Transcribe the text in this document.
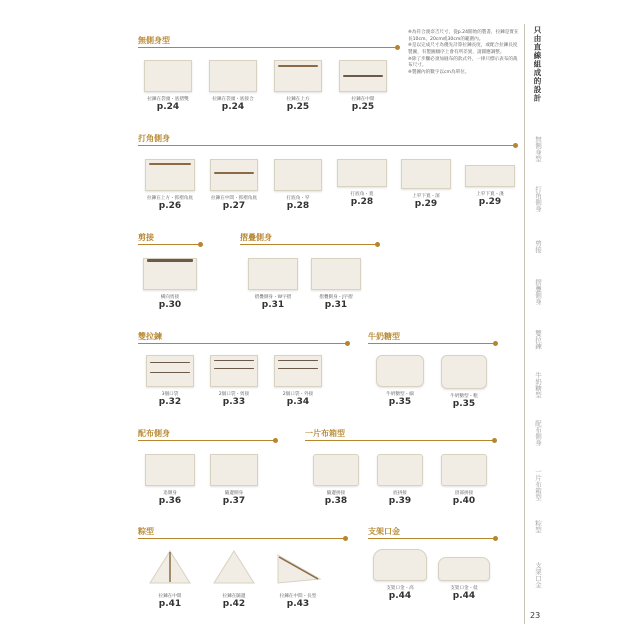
※為符合渡奈吉尺寸，從p.24開始的製書，拉鍊是實在長10cm、20cm或30cm的範圍內。

※是以完成尺寸為優先計算拉鍊長度，或配合拉鍊長度製圖，有製圖順序上會有所差異，請圓應調整。

※除了步驟必須加縫布的款式外，一律只標示表布的裁布尺寸。

※製圖內的數字以cm為單位。	只由直線組成的設計
無側身型
打角側身
剪接
摺疊側身
雙拉鍊
牛奶糖型
配布側身
一片布箱型
粽型
支架口金
23
無側身型
拉鍊在袋頭・底摺雙
p.24
拉鍊在袋頭・底接合
p.24
拉鍊在上方
p.25
拉鍊在中間
p.25
打角側身
拉鍊在上方・抓褶角底
p.26
拉鍊在中間・抓褶角底
p.27
打底角・窄
p.28
打底角・寬
p.28	上窄下寬・深
p.29
上窄下寬・淺
p.29
剪接
橫向剪接
p.30
摺疊側身
摺疊側身・W字摺
p.31
摺疊側身・J字摺
p.31
雙拉鍊
3個口袋
p.32
2個口袋・剪接
p.33
2個口袋・外接
p.34
牛奶糖型
牛奶糖型・細
p.35	牛奶糖型・粗
p.35
配布側身
追側身
p.36
隨邊側身
p.37
一片布箱型
隨邊拼接
p.38
底拼接
p.39
頂部拼接
p.40
粽型
拉鍊在中間
p.41
拉鍊在隨邊
p.42
拉鍊在中間・長型
p.43
支架口金
支架口金・高
p.44
支架口金・低
p.44
